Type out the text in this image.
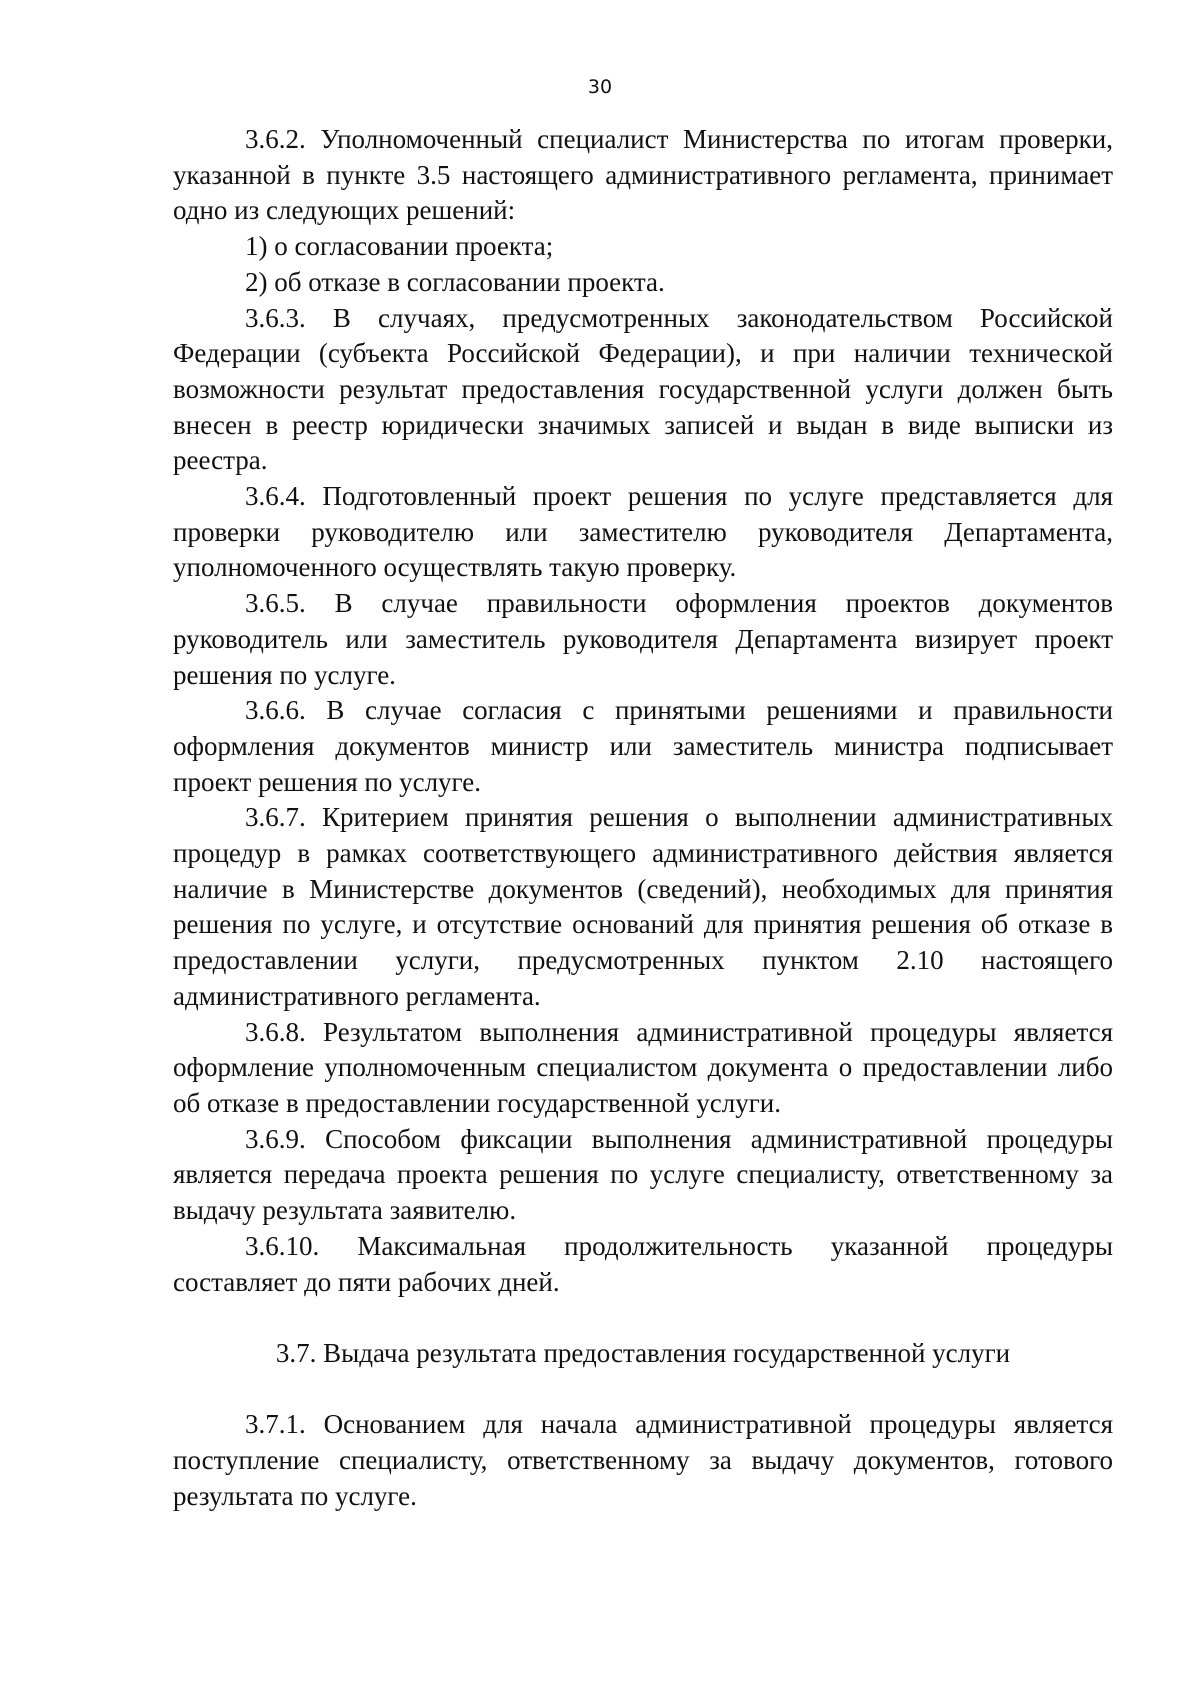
30

3.6.2. Уполномоченный специалист Министерства по итогам проверки, указанной в пункте 3.5 настоящего административного регламента, принимает одно из следующих решений:

1) о согласовании проекта;

2) об отказе в согласовании проекта.

3.6.3. В случаях, предусмотренных законодательством Российской Федерации (субъекта Российской Федерации), и при наличии технической возможности результат предоставления государственной услуги должен быть внесен в реестр юридически значимых записей и выдан в виде выписки из реестра.

3.6.4. Подготовленный проект решения по услуге представляется для проверки руководителю или заместителю руководителя Департамента, уполномоченного осуществлять такую проверку.

3.6.5. В случае правильности оформления проектов документов руководитель или заместитель руководителя Департамента визирует проект решения по услуге.

3.6.6. В случае согласия с принятыми решениями и правильности оформления документов министр или заместитель министра подписывает проект решения по услуге.

3.6.7. Критерием принятия решения о выполнении административных процедур в рамках соответствующего административного действия является наличие в Министерстве документов (сведений), необходимых для принятия решения по услуге, и отсутствие оснований для принятия решения об отказе в предоставлении услуги, предусмотренных пунктом 2.10 настоящего административного регламента.

3.6.8. Результатом выполнения административной процедуры является оформление уполномоченным специалистом документа о предоставлении либо об отказе в предоставлении государственной услуги.

3.6.9. Способом фиксации выполнения административной процедуры является передача проекта решения по услуге специалисту, ответственному за выдачу результата заявителю.

3.6.10. Максимальная продолжительность указанной процедуры составляет до пяти рабочих дней.

3.7. Выдача результата предоставления государственной услуги

3.7.1. Основанием для начала административной процедуры является поступление специалисту, ответственному за выдачу документов, готового результата по услуге.
